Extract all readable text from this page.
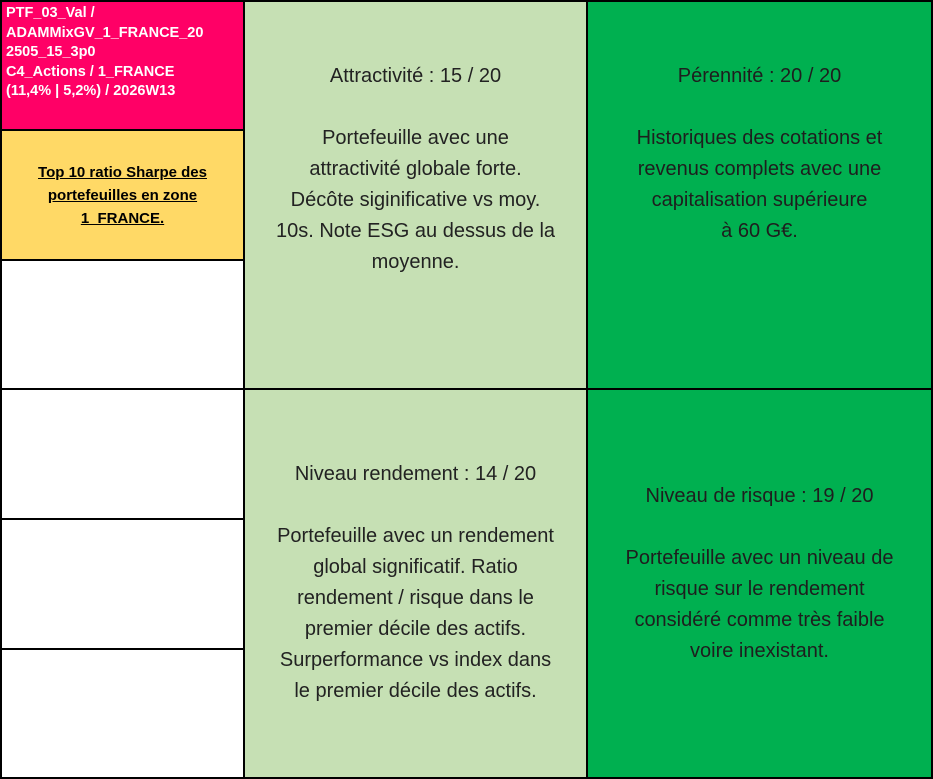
PTF_03_Val /
ADAMMixGV_1_FRANCE_20
2505_15_3p0
C4_Actions / 1_FRANCE
(11,4% | 5,2%) / 2026W13
Top 10 ratio Sharpe des portefeuilles en zone 1_FRANCE.

Attractivité : 15 / 20

Portefeuille avec une
attractivité globale forte.
Décôte siginificative vs moy.
10s. Note ESG au dessus de la
moyenne.

Pérennité : 20 / 20

Historiques des cotations et
revenus complets avec une
capitalisation supérieure
à 60 G€.

Niveau rendement : 14 / 20

Portefeuille avec un rendement
global significatif. Ratio
rendement / risque dans le
premier décile des actifs.
Surperformance vs index dans
le premier décile des actifs.

Niveau de risque : 19 / 20

Portefeuille avec un niveau de
risque sur le rendement
considéré comme très faible
voire inexistant.
